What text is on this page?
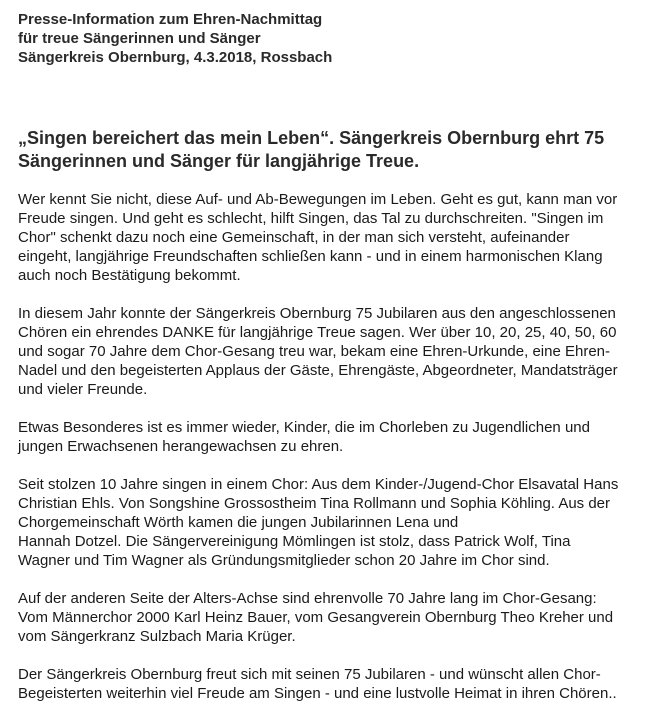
Presse-Information zum Ehren-Nachmittag
für treue Sängerinnen und Sänger
Sängerkreis Obernburg, 4.3.2018, Rossbach
„Singen bereichert das mein Leben“. Sängerkreis Obernburg ehrt 75
Sängerinnen und Sänger für langjährige Treue.
Wer kennt Sie nicht, diese Auf- und Ab-Bewegungen im Leben. Geht es gut, kann man vor
Freude singen. Und geht es schlecht, hilft Singen, das Tal zu durchschreiten. "Singen im
Chor" schenkt dazu noch eine Gemeinschaft, in der man sich versteht, aufeinander
eingeht, langjährige Freundschaften schließen kann - und in einem harmonischen Klang
auch noch Bestätigung bekommt.
In diesem Jahr konnte der Sängerkreis Obernburg 75 Jubilaren aus den angeschlossenen
Chören ein ehrendes DANKE für langjährige Treue sagen. Wer über 10, 20, 25, 40, 50, 60
und sogar 70 Jahre dem Chor-Gesang treu war, bekam eine Ehren-Urkunde, eine Ehren-
Nadel und den begeisterten Applaus der Gäste, Ehrengäste, Abgeordneter, Mandatsträger
und vieler Freunde.
Etwas Besonderes ist es immer wieder, Kinder, die im Chorleben zu Jugendlichen und
jungen Erwachsenen herangewachsen zu ehren.
Seit stolzen 10 Jahre singen in einem Chor: Aus dem Kinder-/Jugend-Chor Elsavatal Hans
Christian Ehls. Von Songshine Grossostheim Tina Rollmann und Sophia Köhling. Aus der
Chorgemeinschaft Wörth kamen die jungen Jubilarinnen Lena und
Hannah Dotzel. Die Sängervereinigung Mömlingen ist stolz, dass Patrick Wolf, Tina
Wagner und Tim Wagner als Gründungsmitglieder schon 20 Jahre im Chor sind.
Auf der anderen Seite der Alters-Achse sind ehrenvolle 70 Jahre lang im Chor-Gesang:
Vom Männerchor 2000 Karl Heinz Bauer, vom Gesangverein Obernburg Theo Kreher und
vom Sängerkranz Sulzbach Maria Krüger.
Der Sängerkreis Obernburg freut sich mit seinen 75 Jubilaren - und wünscht allen Chor-
Begeisterten weiterhin viel Freude am Singen - und eine lustvolle Heimat in ihren Chören..
